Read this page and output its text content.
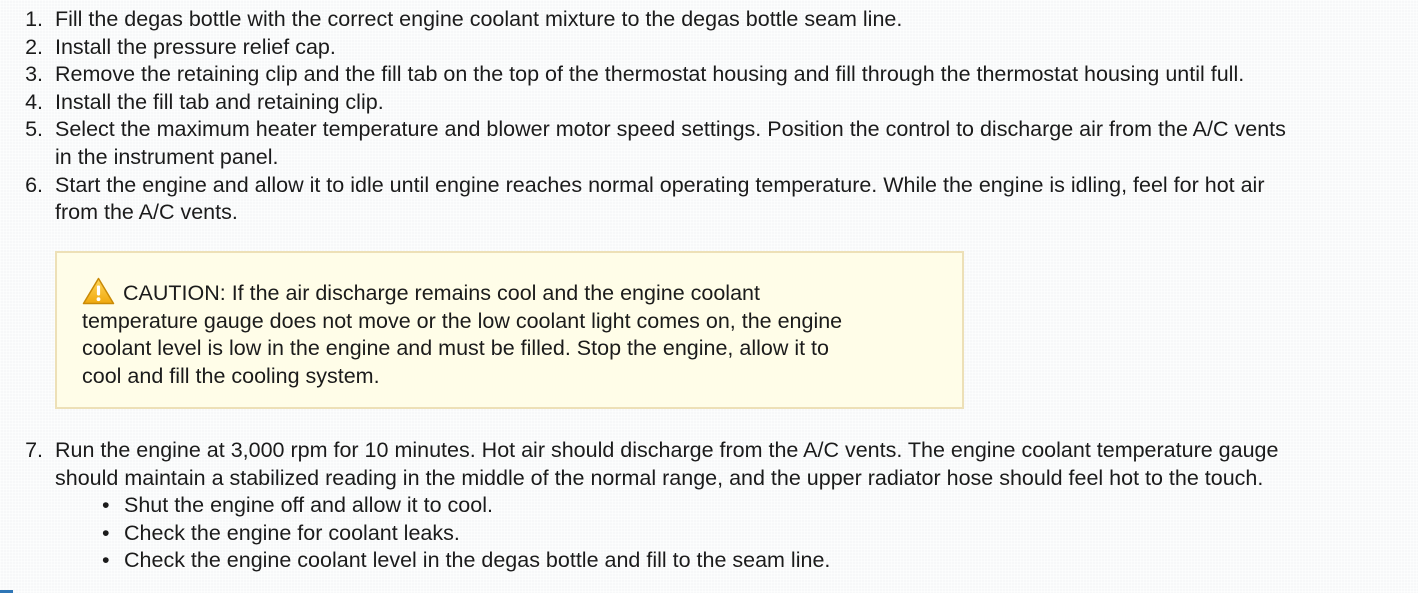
1. Fill the degas bottle with the correct engine coolant mixture to the degas bottle seam line.
2. Install the pressure relief cap.
3. Remove the retaining clip and the fill tab on the top of the thermostat housing and fill through the thermostat housing until full.
4. Install the fill tab and retaining clip.
5. Select the maximum heater temperature and blower motor speed settings. Position the control to discharge air from the A/C vents
in the instrument panel.
6. Start the engine and allow it to idle until engine reaches normal operating temperature. While the engine is idling, feel for hot air
from the A/C vents.
CAUTION: If the air discharge remains cool and the engine coolant
temperature gauge does not move or the low coolant light comes on, the engine
coolant level is low in the engine and must be filled. Stop the engine, allow it to
cool and fill the cooling system.
7. Run the engine at 3,000 rpm for 10 minutes. Hot air should discharge from the A/C vents. The engine coolant temperature gauge
should maintain a stabilized reading in the middle of the normal range, and the upper radiator hose should feel hot to the touch.
• Shut the engine off and allow it to cool.
• Check the engine for coolant leaks.
• Check the engine coolant level in the degas bottle and fill to the seam line.
